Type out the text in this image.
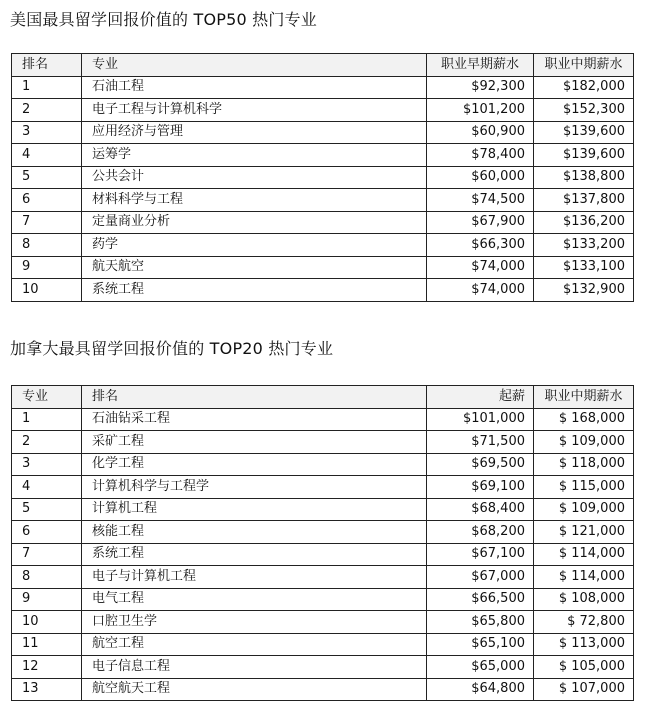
美国最具留学回报价值的 TOP50 热门专业
排名	专业	职业早期薪水	职业中期薪水
1	石油工程	$92,300	$182,000
2	电子工程与计算机科学	$101,200	$152,300
3	应用经济与管理	$60,900	$139,600
4	运筹学	$78,400	$139,600
5	公共会计	$60,000	$138,800
6	材料科学与工程	$74,500	$137,800
7	定量商业分析	$67,900	$136,200
8	药学	$66,300	$133,200
9	航天航空	$74,000	$133,100
10	系统工程	$74,000	$132,900
加拿大最具留学回报价值的 TOP20 热门专业
专业	排名	起薪	职业中期薪水
1	石油钻采工程	$101,000	$ 168,000
2	采矿工程	$71,500	$ 109,000
3	化学工程	$69,500	$ 118,000
4	计算机科学与工程学	$69,100	$ 115,000
5	计算机工程	$68,400	$ 109,000
6	核能工程	$68,200	$ 121,000
7	系统工程	$67,100	$ 114,000
8	电子与计算机工程	$67,000	$ 114,000
9	电气工程	$66,500	$ 108,000
10	口腔卫生学	$65,800	$ 72,800
11	航空工程	$65,100	$ 113,000
12	电子信息工程	$65,000	$ 105,000
13	航空航天工程	$64,800	$ 107,000
